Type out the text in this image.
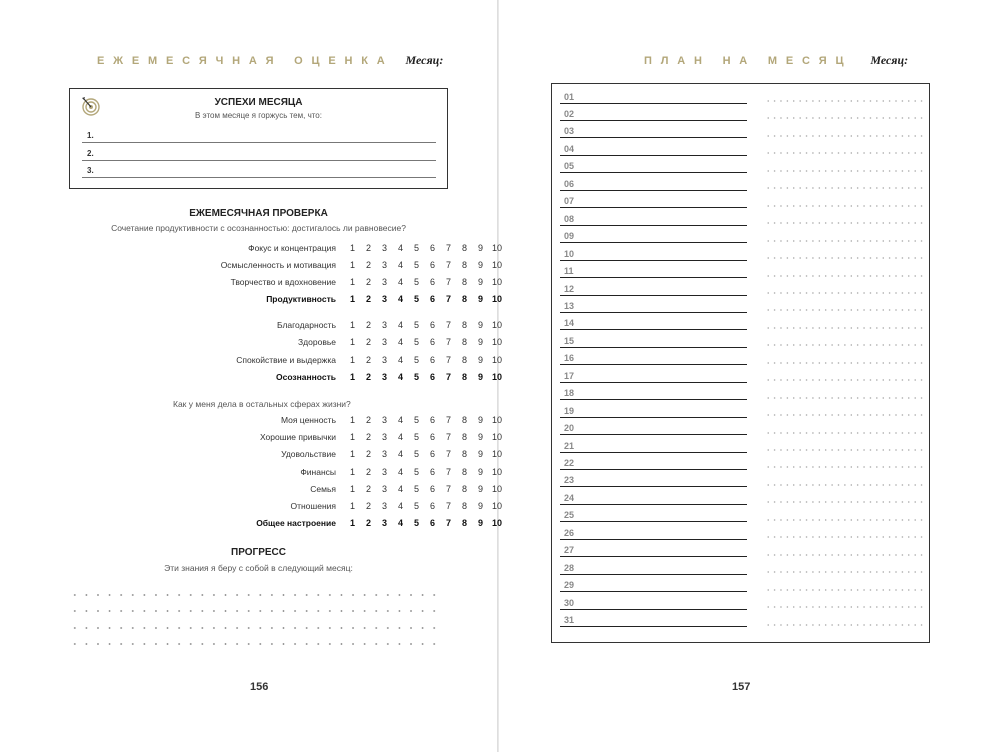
ЕЖЕМЕСЯЧНАЯ ОЦЕНКА Месяц:
УСПЕХИ МЕСЯЦА
В этом месяце я горжусь тем, что:
1.
2.
3.
ЕЖЕМЕСЯЧНАЯ ПРОВЕРКА
Сочетание продуктивности с осознанностью: достигалось ли равновесие?
Фокус и концентрация 1 2 3 4 5 6 7 8 9 10
Осмысленность и мотивация 1 2 3 4 5 6 7 8 9 10
Творчество и вдохновение 1 2 3 4 5 6 7 8 9 10
Продуктивность 1 2 3 4 5 6 7 8 9 10
Благодарность 1 2 3 4 5 6 7 8 9 10
Здоровье 1 2 3 4 5 6 7 8 9 10
Спокойствие и выдержка 1 2 3 4 5 6 7 8 9 10
Осознанность 1 2 3 4 5 6 7 8 9 10
Как у меня дела в остальных сферах жизни?
Моя ценность 1 2 3 4 5 6 7 8 9 10
Хорошие привычки 1 2 3 4 5 6 7 8 9 10
Удовольствие 1 2 3 4 5 6 7 8 9 10
Финансы 1 2 3 4 5 6 7 8 9 10
Семья 1 2 3 4 5 6 7 8 9 10
Отношения 1 2 3 4 5 6 7 8 9 10
Общее настроение 1 2 3 4 5 6 7 8 9 10
ПРОГРЕСС
Эти знания я беру с собой в следующий месяц:
156
ПЛАН НА МЕСЯЦ Месяц:
01
02
03
04
05
06
07
08
09
10
11
12
13
14
15
16
17
18
19
20
21
22
23
24
25
26
27
28
29
30
31
157
